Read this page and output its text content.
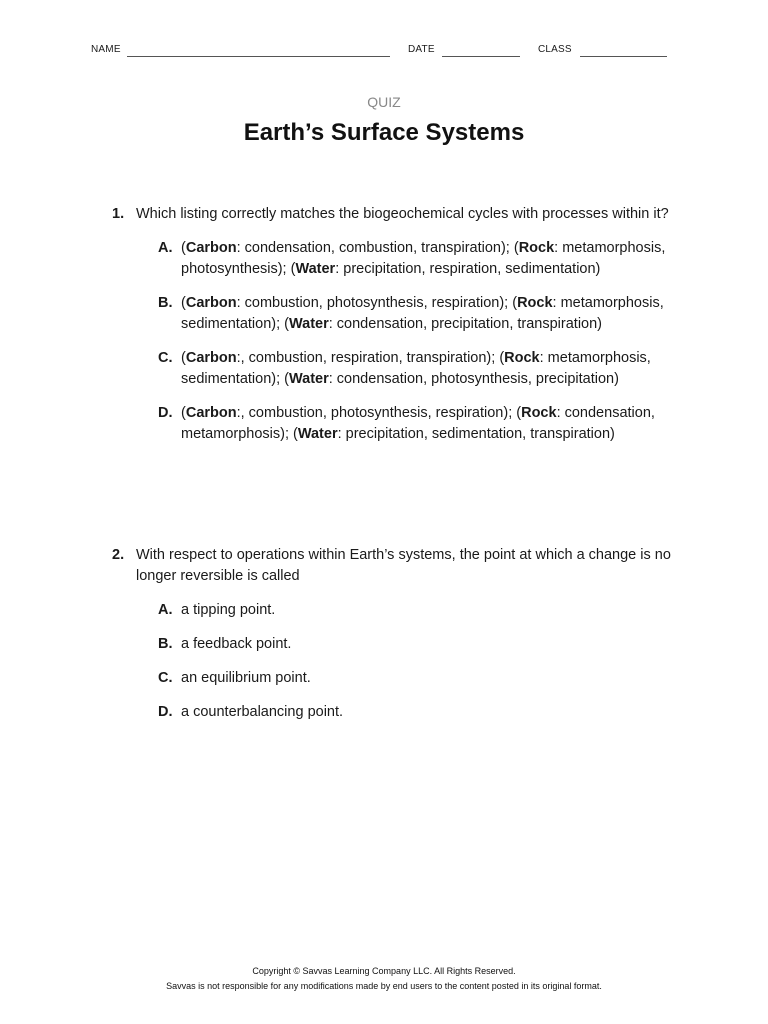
NAME	DATE	CLASS
QUIZ
Earth’s Surface Systems
1. Which listing correctly matches the biogeochemical cycles with processes within it?
A. (Carbon: condensation, combustion, transpiration); (Rock: metamorphosis, photosynthesis); (Water: precipitation, respiration, sedimentation)
B. (Carbon: combustion, photosynthesis, respiration); (Rock: metamorphosis, sedimentation); (Water: condensation, precipitation, transpiration)
C. (Carbon:, combustion, respiration, transpiration); (Rock: metamorphosis, sedimentation); (Water: condensation, photosynthesis, precipitation)
D. (Carbon:, combustion, photosynthesis, respiration); (Rock: condensation, metamorphosis); (Water: precipitation, sedimentation, transpiration)
2. With respect to operations within Earth’s systems, the point at which a change is no longer reversible is called
A. a tipping point.
B. a feedback point.
C. an equilibrium point.
D. a counterbalancing point.
Copyright © Savvas Learning Company LLC. All Rights Reserved.
Savvas is not responsible for any modifications made by end users to the content posted in its original format.
